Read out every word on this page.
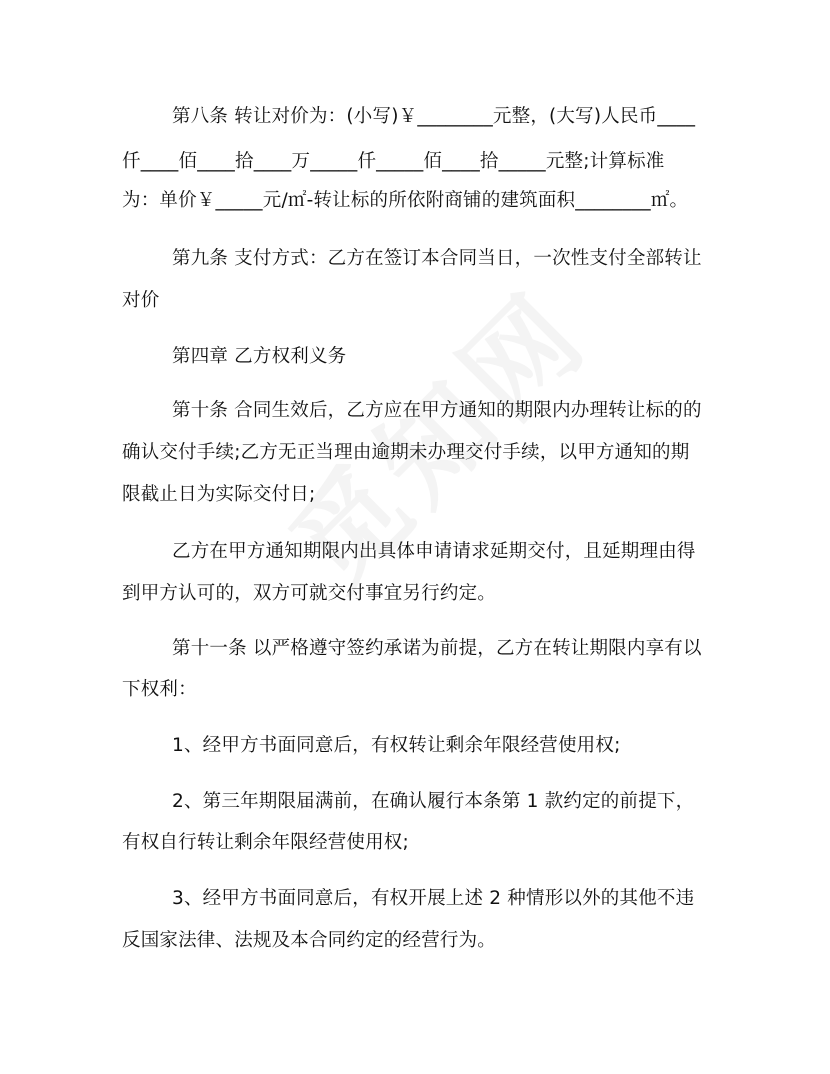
第八条 转让对价为：(小写)￥________元整，(大写)人民币____
仟____佰____拾____万_____仟_____佰____拾_____元整;计算标准
为：单价￥_____元/㎡-转让标的所依附商铺的建筑面积________㎡。
第九条 支付方式：乙方在签订本合同当日，一次性支付全部转让
对价
第四章 乙方权利义务
第十条 合同生效后，乙方应在甲方通知的期限内办理转让标的的
确认交付手续;乙方无正当理由逾期未办理交付手续，以甲方通知的期
限截止日为实际交付日;
乙方在甲方通知期限内出具体申请请求延期交付，且延期理由得
到甲方认可的，双方可就交付事宜另行约定。
第十一条 以严格遵守签约承诺为前提，乙方在转让期限内享有以
下权利：
1、经甲方书面同意后，有权转让剩余年限经营使用权;
2、第三年期限届满前，在确认履行本条第 1 款约定的前提下，
有权自行转让剩余年限经营使用权;
3、经甲方书面同意后，有权开展上述 2 种情形以外的其他不违
反国家法律、法规及本合同约定的经营行为。
